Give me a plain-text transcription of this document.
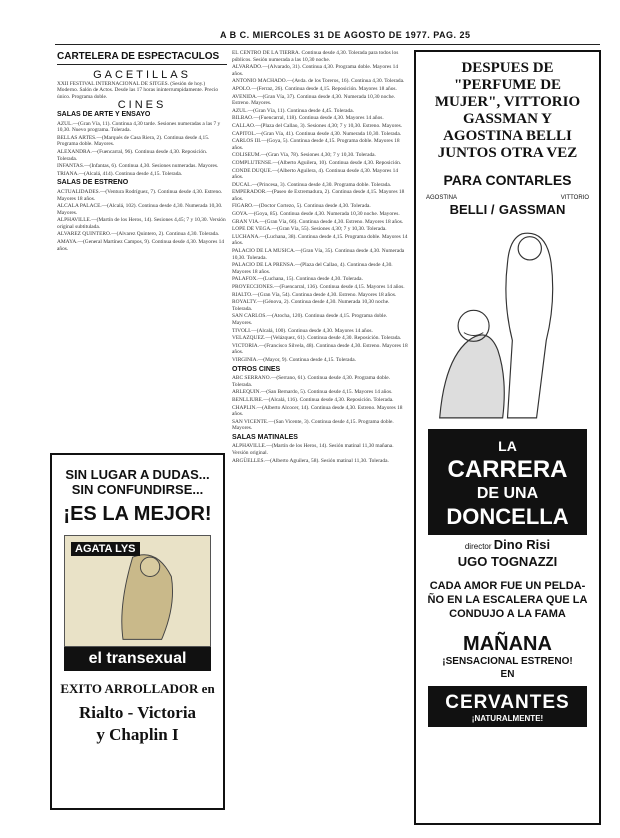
A B C. MIERCOLES 31 DE AGOSTO DE 1977. PAG. 25
CARTELERA DE ESPECTACULOS
GACETILLAS

XXII FESTIVAL INTERNACIONAL DE SITGES. (Sesión de hoy.) Moderno. Salón de Actos. Desde las 17 horas ininterrumpidamente. Precio único. Programa doble.

CINES
SALAS DE ARTE Y ENSAYO

AZUL.—(Gran Vía, 11). Continua 4,30 tarde. Sesiones numeradas a las 7 y 10,30. Nuevo programa. Tolerada.

BELLAS ARTES.—(Marqués de Casa Riera, 2). Continua desde 4,15. Programa doble. Mayores.

ALEXANDRA.—(Fuencarral, 96). Continua desde 4,30. Reposición. Tolerada.

INFANTAS.—(Infantas, 6). Continua 4,30. Sesiones numeradas. Mayores.

TRIANA.—(Alcalá, 414). Continua desde 4,15. Tolerada.

SALAS DE ESTRENO

ACTUALIDADES.—(Ventura Rodríguez, 7). Continua desde 4,30. Estreno. Mayores 18 años.

ALCALA PALACE.—(Alcalá, 102). Continua desde 4,30. Numerada 10,30. Mayores.

ALPHAVILLE.—(Martín de los Heros, 14). Sesiones 4,45; 7 y 10,30. Versión original subtitulada.

ALVAREZ QUINTERO.—(Alvarez Quintero, 2). Continua 4,30. Tolerada.

AMAYA.—(General Martínez Campos, 9). Continua desde 4,30. Mayores 14 años.

EL CENTRO DE LA TIERRA. Continua desde 4,30. Tolerada para todos los públicos. Sesión numerada a las 10,30 noche.

ALVARADO.—(Alvarado, 31). Continua 4,30. Programa doble. Mayores 14 años.

ANTONIO MACHADO.—(Avda. de los Toreros, 16). Continua 4,30. Tolerada.

APOLO.—(Ferraz, 26). Continua desde 4,15. Reposición. Mayores 18 años.

AVENIDA.—(Gran Vía, 37). Continua desde 4,30. Numerada 10,30 noche. Estreno. Mayores.

AZUL.—(Gran Vía, 11). Continua desde 4,45. Tolerada.

BILBAO.—(Fuencarral, 118). Continua desde 4,30. Mayores 14 años.

CALLAO.—(Plaza del Callao, 3). Sesiones 4,30; 7 y 10,30. Estreno. Mayores.

CAPITOL.—(Gran Vía, 41). Continua desde 4,30. Numerada 10,30. Tolerada.

CARLOS III.—(Goya, 5). Continua desde 4,15. Programa doble. Mayores 18 años.

COLISEUM.—(Gran Vía, 78). Sesiones 4,30; 7 y 10,30. Tolerada.

COMPLUTENSE.—(Alberto Aguilera, 10). Continua desde 4,30. Reposición.

CONDE DUQUE.—(Alberto Aguilera, 4). Continua desde 4,30. Mayores 14 años.

DUCAL.—(Princesa, 3). Continua desde 4,30. Programa doble. Tolerada.

EMPERADOR.—(Paseo de Extremadura, 2). Continua desde 4,15. Mayores 18 años.

FIGARO.—(Doctor Cortezo, 5). Continua desde 4,30. Tolerada.

GOYA.—(Goya, 85). Continua desde 4,30. Numerada 10,30 noche. Mayores.

GRAN VIA.—(Gran Vía, 66). Continua desde 4,30. Estreno. Mayores 18 años.

LOPE DE VEGA.—(Gran Vía, 55). Sesiones 4,30; 7 y 10,30. Tolerada.

LUCHANA.—(Luchana, 38). Continua desde 4,15. Programa doble. Mayores 14 años.

PALACIO DE LA MUSICA.—(Gran Vía, 35). Continua desde 4,30. Numerada 10,30. Tolerada.

PALACIO DE LA PRENSA.—(Plaza del Callao, 4). Continua desde 4,30. Mayores 18 años.

PALAFOX.—(Luchana, 15). Continua desde 4,30. Tolerada.

PROYECCIONES.—(Fuencarral, 136). Continua desde 4,15. Mayores 14 años.

RIALTO.—(Gran Vía, 54). Continua desde 4,30. Estreno. Mayores 18 años.

ROYALTY.—(Génova, 2). Continua desde 4,30. Numerada 10,30 noche. Tolerada.

SAN CARLOS.—(Atocha, 120). Continua desde 4,15. Programa doble. Mayores.

TIVOLI.—(Alcalá, 100). Continua desde 4,30. Mayores 14 años.

VELAZQUEZ.—(Velázquez, 61). Continua desde 4,30. Reposición. Tolerada.

VICTORIA.—(Francisco Silvela, 48). Continua desde 4,30. Estreno. Mayores 18 años.

VIRGINIA.—(Mayor, 9). Continua desde 4,15. Tolerada.

OTROS CINES

ABC SERRANO.—(Serrano, 61). Continua desde 4,30. Programa doble. Tolerada.

ARLEQUIN.—(San Bernardo, 5). Continua desde 4,15. Mayores 14 años.

BENLLIURE.—(Alcalá, 116). Continua desde 4,30. Reposición. Tolerada.

CHAPLIN.—(Alberto Alcocer, 14). Continua desde 4,30. Estreno. Mayores 18 años.

SAN VICENTE.—(San Vicente, 3). Continua desde 4,15. Programa doble. Mayores.

SALAS MATINALES

ALPHAVILLE.—(Martín de los Heros, 14). Sesión matinal 11,30 mañana. Versión original.

ARGÜELLES.—(Alberto Aguilera, 58). Sesión matinal 11,30. Tolerada.

SIN LUGAR A DUDAS...
SIN CONFUNDIRSE...
¡ES LA MEJOR!
AGATA LYS
el transexual
EXITO ARROLLADOR en
Rialto - Victoria
y Chaplin I
DESPUES DE
"PERFUME DE
MUJER", VITTORIO
GASSMAN Y
AGOSTINA BELLI
JUNTOS OTRA VEZ
PARA CONTARLES
AGOSTINA	VITTORIO
BELLI / GASSMAN
LA
CARRERA
DE UNA
DONCELLA
director Dino Risi
UGO TOGNAZZI
CADA AMOR FUE UN PELDA-
ÑO EN LA ESCALERA QUE LA
CONDUJO A LA FAMA
MAÑANA
¡SENSACIONAL ESTRENO!
EN
CERVANTES
¡NATURALMENTE!
